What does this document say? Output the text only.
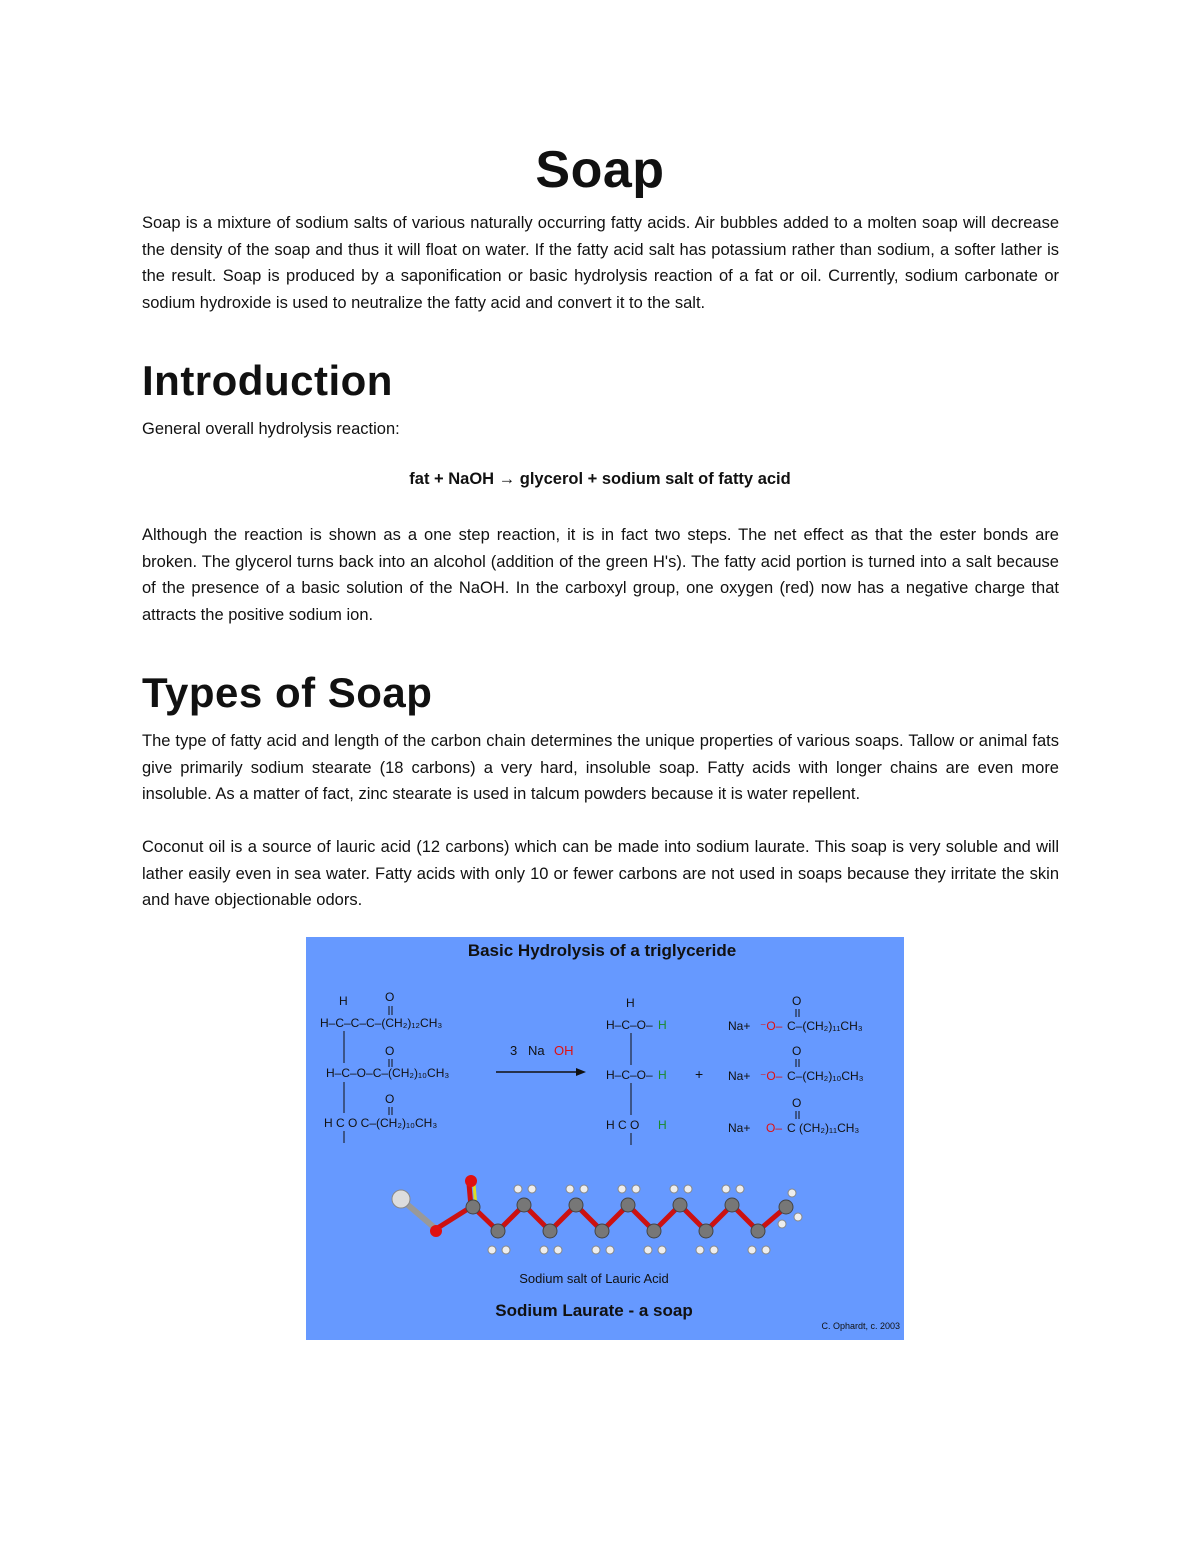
Soap

Soap is a mixture of sodium salts of various naturally occurring fatty acids. Air bubbles added to a molten soap will decrease the density of the soap and thus it will float on water. If the fatty acid salt has potassium rather than sodium, a softer lather is the result. Soap is produced by a saponification or basic hydrolysis reaction of a fat or oil. Currently, sodium carbonate or sodium hydroxide is used to neutralize the fatty acid and convert it to the salt.

Introduction

General overall hydrolysis reaction:

fat + NaOH → glycerol + sodium salt of fatty acid

Although the reaction is shown as a one step reaction, it is in fact two steps. The net effect as that the ester bonds are broken. The glycerol turns back into an alcohol (addition of the green H's). The fatty acid portion is turned into a salt because of the presence of a basic solution of the NaOH. In the carboxyl group, one oxygen (red) now has a negative charge that attracts the positive sodium ion.

Types of Soap

The type of fatty acid and length of the carbon chain determines the unique properties of various soaps. Tallow or animal fats give primarily sodium stearate (18 carbons) a very hard, insoluble soap. Fatty acids with longer chains are even more insoluble. As a matter of fact, zinc stearate is used in talcum powders because it is water repellent.

Coconut oil is a source of lauric acid (12 carbons) which can be made into sodium laurate. This soap is very soluble and will lather easily even in sea water. Fatty acids with only 10 or fewer carbons are not used in soaps because they irritate the skin and have objectionable odors.

Basic Hydrolysis of a triglyceride
H
H–C–C–C–(CH₂)₁₂CH₃
O
O
H–C–O–C–(CH₂)₁₀CH₃
O
H C O C–(CH₂)₁₀CH₃
3 Na OH
H
H–C–O– H
H–C–O– H
H C O H
+
O
Na+ ⁻O– C–(CH₂)₁₁CH₃
O
Na+ ⁻O– C–(CH₂)₁₀CH₃
O
Na+ O– C (CH₂)₁₁CH₃
Sodium salt of Lauric Acid
Sodium Laurate - a soap
C. Ophardt, c. 2003
